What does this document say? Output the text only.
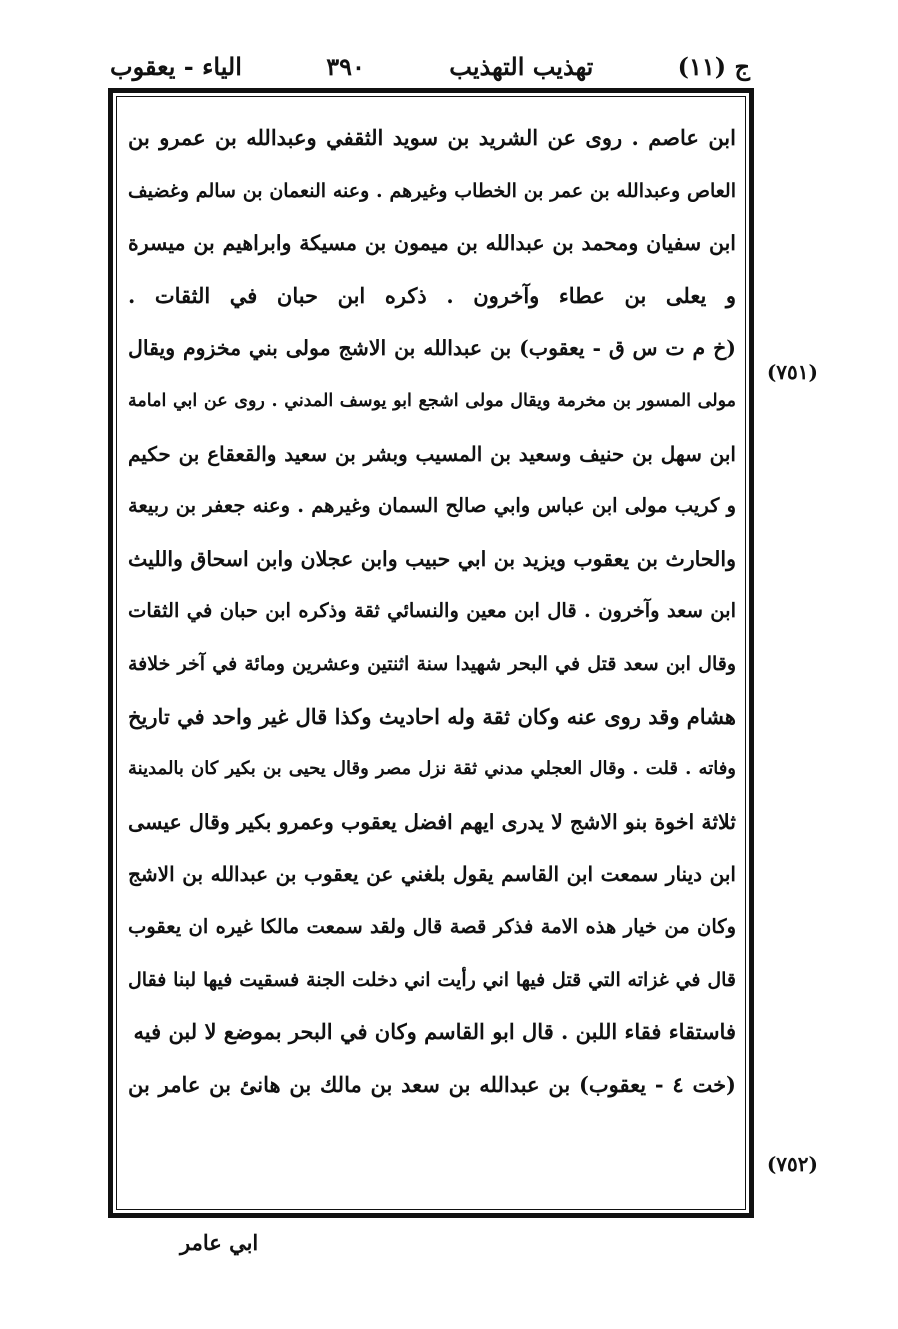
ج (١١)
تهذيب التهذيب
٣٩٠
الياء - يعقوب
(٧٥١)
(٧٥٢)
ابن عاصم . روى عن الشريد بن سويد الثقفي وعبدالله بن عمرو بن
العاص وعبدالله بن عمر بن الخطاب وغيرهم . وعنه النعمان بن سالم وغضيف
ابن سفيان ومحمد بن عبدالله بن ميمون بن مسيكة وابراهيم بن ميسرة
و يعلى بن عطاء وآخرون . ذكره ابن حبان في الثقات .
(خ م ت س ق - يعقوب) بن عبدالله بن الاشج مولى بني مخزوم ويقال
مولى المسور بن مخرمة ويقال مولى اشجع ابو يوسف المدني . روى عن ابي امامة
ابن سهل بن حنيف وسعيد بن المسيب وبشر بن سعيد والقعقاع بن حكيم
و كريب مولى ابن عباس وابي صالح السمان وغيرهم . وعنه جعفر بن ربيعة
والحارث بن يعقوب ويزيد بن ابي حبيب وابن عجلان وابن اسحاق والليث
ابن سعد وآخرون . قال ابن معين والنسائي ثقة وذكره ابن حبان في الثقات
وقال ابن سعد قتل في البحر شهيدا سنة اثنتين وعشرين ومائة في آخر خلافة
هشام وقد روى عنه وكان ثقة وله احاديث وكذا قال غير واحد في تاريخ
وفاته . قلت . وقال العجلي مدني ثقة نزل مصر وقال يحيى بن بكير كان بالمدينة
ثلاثة اخوة بنو الاشج لا يدرى ايهم افضل يعقوب وعمرو بكير وقال عيسى
ابن دينار سمعت ابن القاسم يقول بلغني عن يعقوب بن عبدالله بن الاشج
وكان من خيار هذه الامة فذكر قصة قال ولقد سمعت مالكا غيره ان يعقوب
قال في غزاته التي قتل فيها اني رأيت اني دخلت الجنة فسقيت فيها لبنا فقال
فاستقاء فقاء اللبن . قال ابو القاسم وكان في البحر بموضع لا لبن فيه
(خت ٤ - يعقوب) بن عبدالله بن سعد بن مالك بن هانئ بن عامر بن
ابي عامر
